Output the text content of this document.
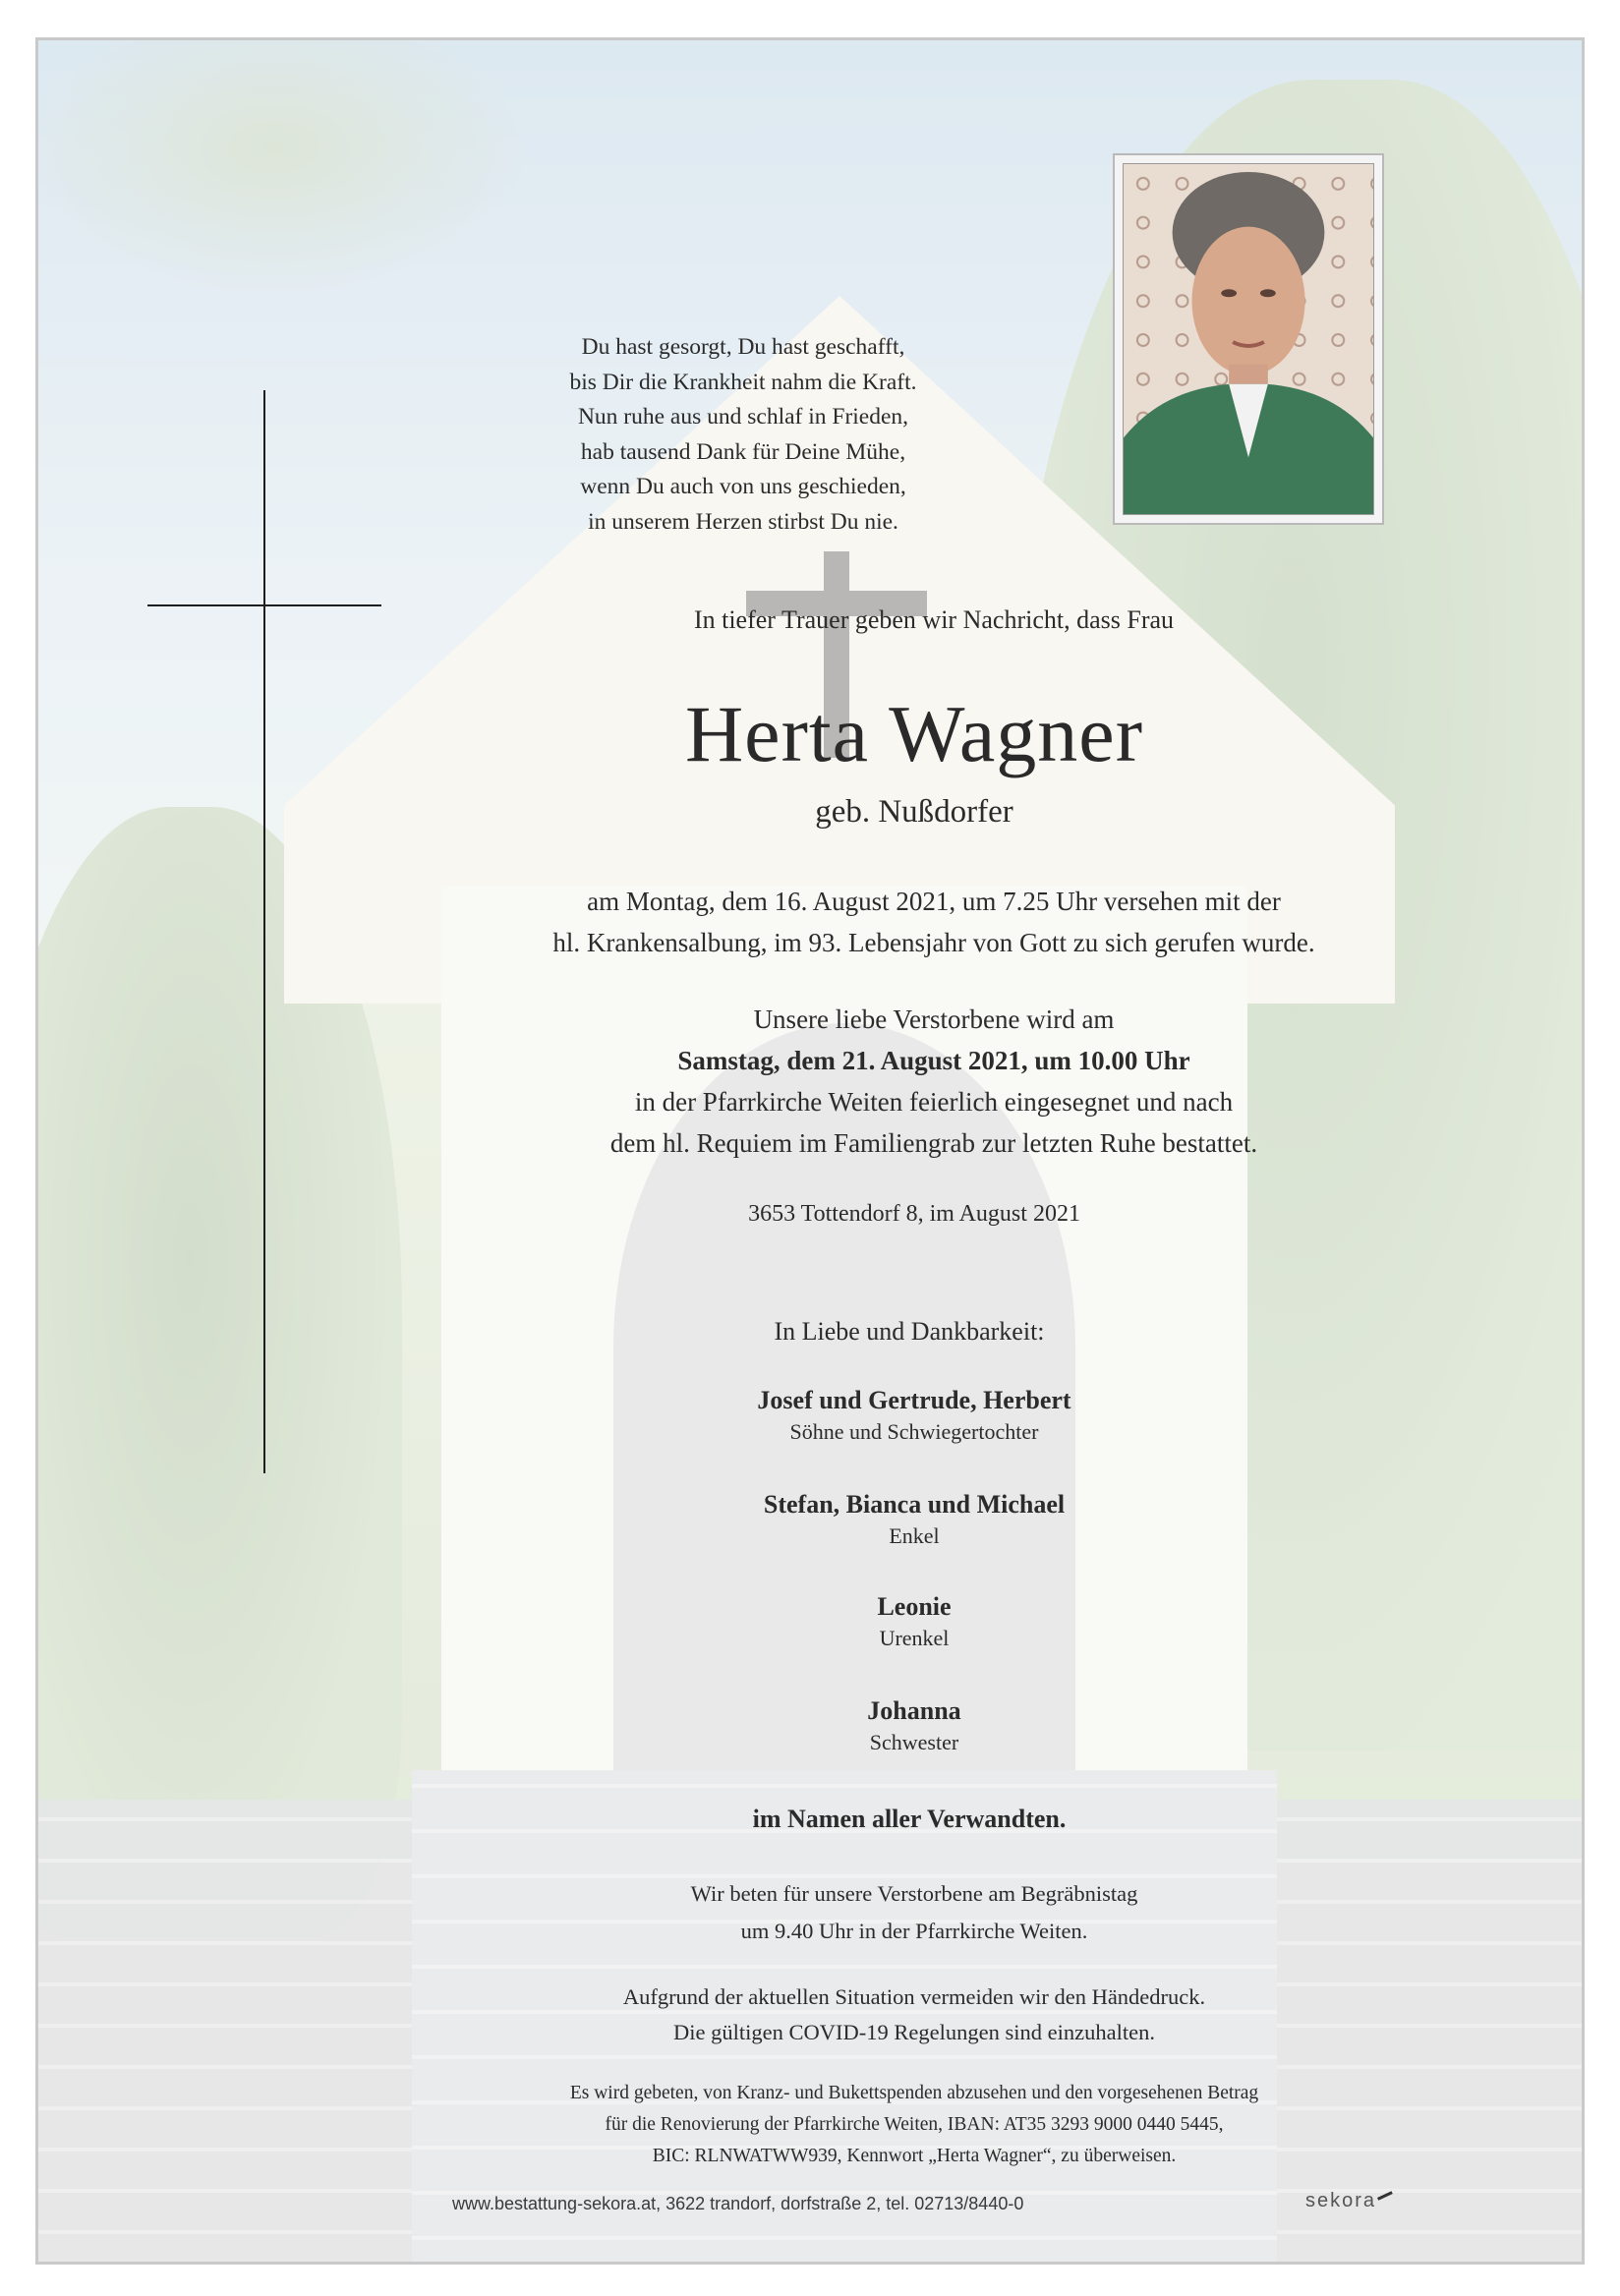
Du hast gesorgt, Du hast geschafft,
bis Dir die Krankheit nahm die Kraft.
Nun ruhe aus und schlaf in Frieden,
hab tausend Dank für Deine Mühe,
wenn Du auch von uns geschieden,
in unserem Herzen stirbst Du nie.
In tiefer Trauer geben wir Nachricht, dass Frau
Herta Wagner
geb. Nußdorfer
am Montag, dem 16. August 2021, um 7.25 Uhr versehen mit der
hl. Krankensalbung, im 93. Lebensjahr von Gott zu sich gerufen wurde.
Unsere liebe Verstorbene wird am
Samstag, dem 21. August 2021, um 10.00 Uhr
in der Pfarrkirche Weiten feierlich eingesegnet und nach
dem hl. Requiem im Familiengrab zur letzten Ruhe bestattet.
3653 Tottendorf 8, im August 2021
In Liebe und Dankbarkeit:
Josef und Gertrude, Herbert
Söhne und Schwiegertochter
Stefan, Bianca und Michael
Enkel
Leonie
Urenkel
Johanna
Schwester
im Namen aller Verwandten.
Wir beten für unsere Verstorbene am Begräbnistag
um 9.40 Uhr in der Pfarrkirche Weiten.
Aufgrund der aktuellen Situation vermeiden wir den Händedruck.
Die gültigen COVID-19 Regelungen sind einzuhalten.
Es wird gebeten, von Kranz- und Bukettspenden abzusehen und den vorgesehenen Betrag
für die Renovierung der Pfarrkirche Weiten, IBAN: AT35 3293 9000 0440 5445,
BIC: RLNWATWW939, Kennwort „Herta Wagner“, zu überweisen.
www.bestattung-sekora.at, 3622 trandorf, dorfstraße 2, tel. 02713/8440-0	sekora
